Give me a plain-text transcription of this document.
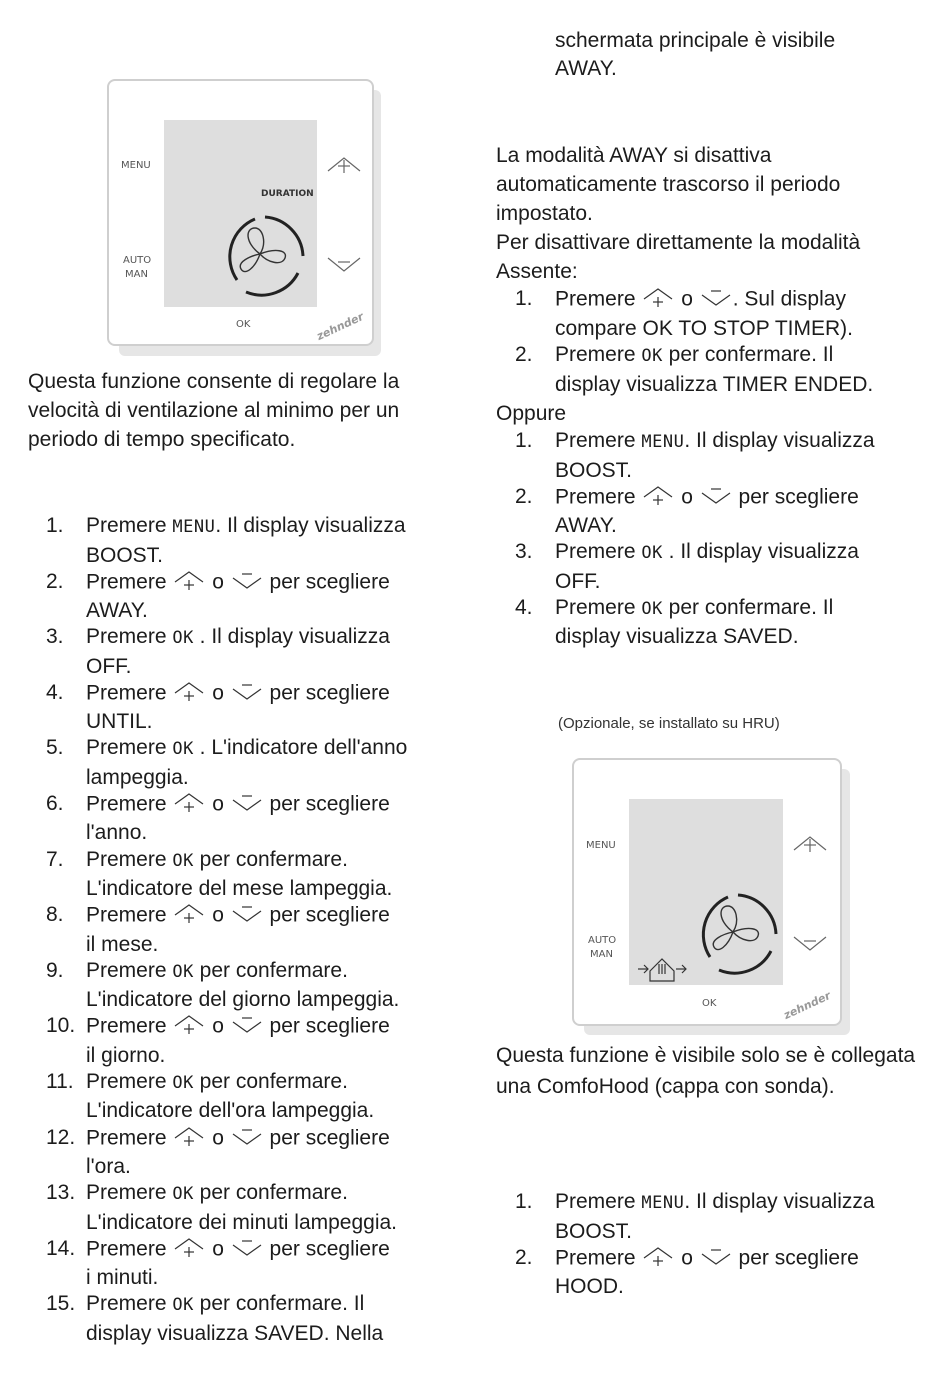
MENU
AUTO
MAN
OK
DURATION
zehnder

Questa funzione consente di regolare la velocità di ventilazione al minimo per un periodo di tempo specificato.

1. Premere MENU. Il display visualizza
BOOST.
2. Premere  o  per scegliere
AWAY.
3. Premere OK . Il display visualizza
OFF.
4. Premere  o  per scegliere
UNTIL.
5. Premere OK . L'indicatore dell'anno
lampeggia.
6. Premere  o  per scegliere
l'anno.
7. Premere OK per confermare.
L'indicatore del mese lampeggia.
8. Premere  o  per scegliere
il mese.
9. Premere OK per confermare.
L'indicatore del giorno lampeggia.
10. Premere  o  per scegliere
il giorno.
11. Premere OK per confermare.
L'indicatore dell'ora lampeggia.
12. Premere  o  per scegliere
l'ora.
13. Premere OK per confermare.
L'indicatore dei minuti lampeggia.
14. Premere  o  per scegliere
i minuti.
15. Premere OK per confermare. Il
display visualizza SAVED. Nella
schermata principale è visibile
AWAY.

La modalità AWAY si disattiva automaticamente trascorso il periodo impostato.

Per disattivare direttamente la modalità Assente:

1. Premere  o . Sul display
compare OK TO STOP TIMER).
2. Premere OK per confermare. Il
display visualizza TIMER ENDED.
Oppure
1. Premere MENU. Il display visualizza
BOOST.
2. Premere  o  per scegliere
AWAY.
3. Premere OK . Il display visualizza
OFF.
4. Premere OK per confermare. Il
display visualizza SAVED.
(Opzionale, se installato su HRU)
MENU
AUTO
MAN
OK	zehnder

Questa funzione è visibile solo se è collegata una ComfoHood (cappa con sonda).

1. Premere MENU. Il display visualizza
BOOST.
2. Premere  o  per scegliere
HOOD.
